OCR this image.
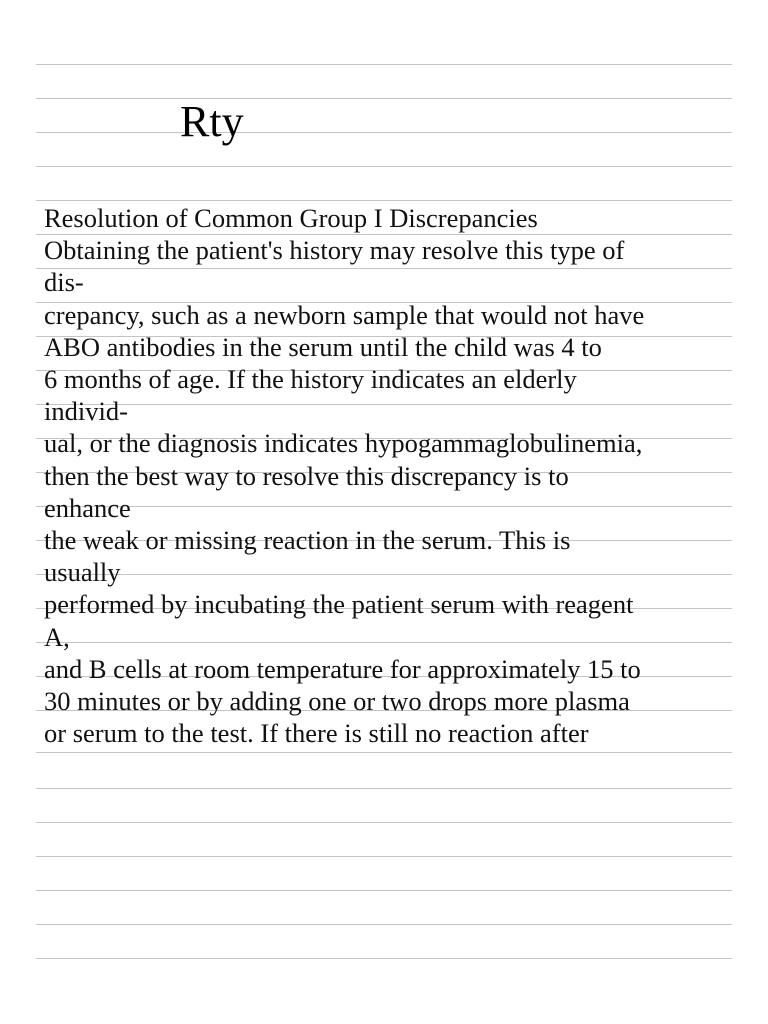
Rty
Resolution of Common Group I Discrepancies
Obtaining the patient's history may resolve this type of
dis-
crepancy, such as a newborn sample that would not have
ABO antibodies in the serum until the child was 4 to
6 months of age. If the history indicates an elderly
individ-
ual, or the diagnosis indicates hypogammaglobulinemia,
then the best way to resolve this discrepancy is to
enhance
the weak or missing reaction in the serum. This is
usually
performed by incubating the patient serum with reagent
A,
and B cells at room temperature for approximately 15 to
30 minutes or by adding one or two drops more plasma
or serum to the test. If there is still no reaction after
